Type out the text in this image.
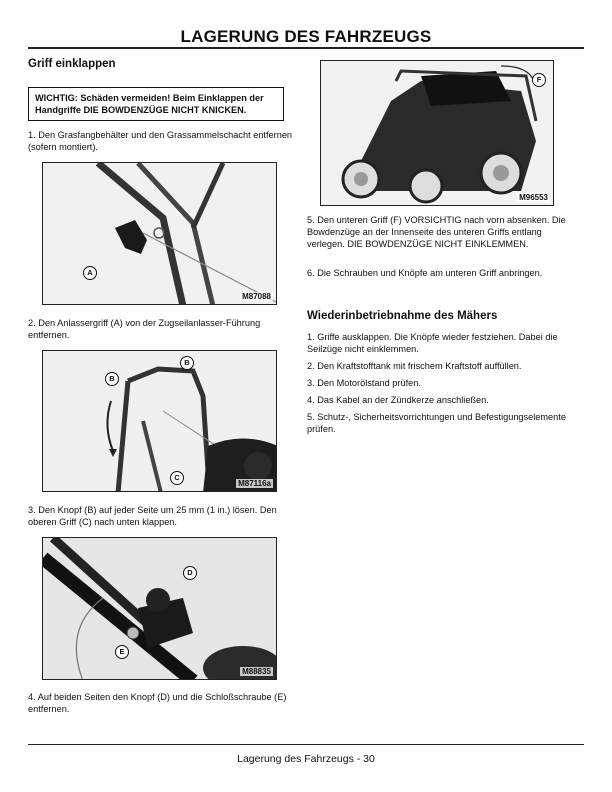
LAGERUNG DES FAHRZEUGS
Griff einklappen
WICHTIG: Schäden vermeiden! Beim Einklappen der Handgriffe DIE BOWDENZÜGE NICHT KNICKEN.

1. Den Grasfangbehälter und den Grassammelschacht entfernen (sofern montiert).

A
M87088

2. Den Anlassergriff (A) von der Zugseilanlasser-Führung entfernen.

B
B
C
M87116a

3. Den Knopf (B) auf jeder Seite um 25 mm (1 in.) lösen. Den oberen Griff (C) nach unten klappen.

D
E
M88835

4. Auf beiden Seiten den Knopf (D) und die Schloßschraube (E) entfernen.

F
M96553

5. Den unteren Griff (F) VORSICHTIG nach vorn absenken. Die Bowdenzüge an der Innenseite des unteren Griffs entlang verlegen. DIE BOWDENZÜGE NICHT EINKLEMMEN.

6. Die Schrauben und Knöpfe am unteren Griff anbringen.

Wiederinbetriebnahme des Mähers

1. Griffe ausklappen. Die Knöpfe wieder festziehen. Dabei die Seilzüge nicht einklemmen.

2. Den Kraftstofftank mit frischem Kraftstoff auffüllen.

3. Den Motorölstand prüfen.

4. Das Kabel an der Zündkerze anschließen.

5. Schutz-, Sicherheitsvorrichtungen und Befestigungselemente prüfen.

Lagerung des Fahrzeugs - 30
